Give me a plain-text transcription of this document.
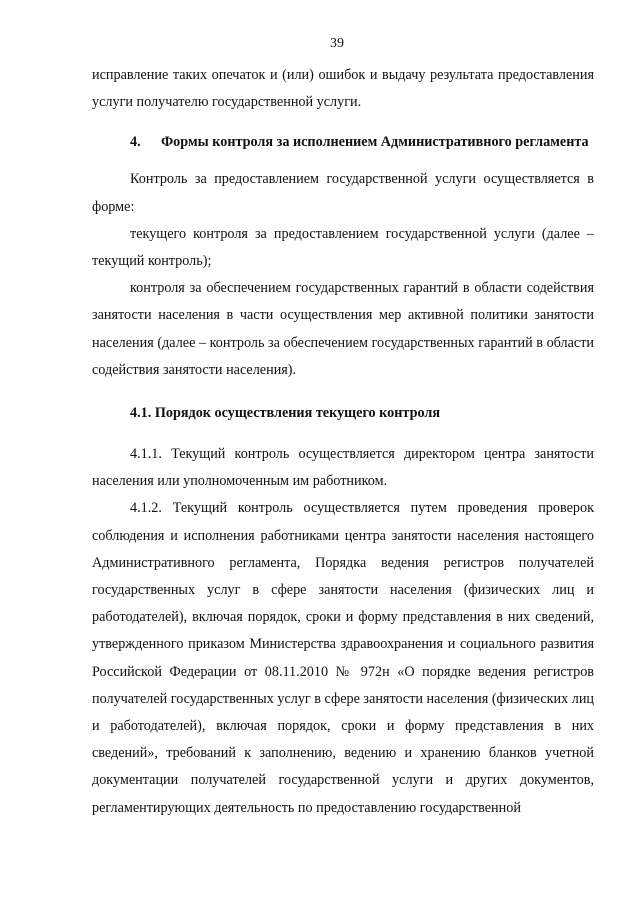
39

исправление таких опечаток и (или) ошибок и выдачу результата предоставления услуги получателю государственной услуги.

4.	Формы контроля за исполнением Административного регламента

Контроль за предоставлением государственной услуги осуществляется в форме:

текущего контроля за предоставлением государственной услуги (далее – текущий контроль);

контроля за обеспечением государственных гарантий в области содействия занятости населения в части осуществления мер активной политики занятости населения (далее – контроль за обеспечением государственных гарантий в области содействия занятости населения).

4.1. Порядок осуществления текущего контроля

4.1.1. Текущий контроль осуществляется директором центра занятости населения или уполномоченным им работником.

4.1.2. Текущий контроль осуществляется путем проведения проверок соблюдения и исполнения работниками центра занятости населения настоящего Административного регламента, Порядка ведения регистров получателей государственных услуг в сфере занятости населения (физических лиц и работодателей), включая порядок, сроки и форму представления в них сведений, утвержденного приказом Министерства здравоохранения и социального развития Российской Федерации от 08.11.2010 № 972н «О порядке ведения регистров получателей государственных услуг в сфере занятости населения (физических лиц и работодателей), включая порядок, сроки и форму представления в них сведений», требований к заполнению, ведению и хранению бланков учетной документации получателей государственной услуги и других документов, регламентирующих деятельность по предоставлению государственной
